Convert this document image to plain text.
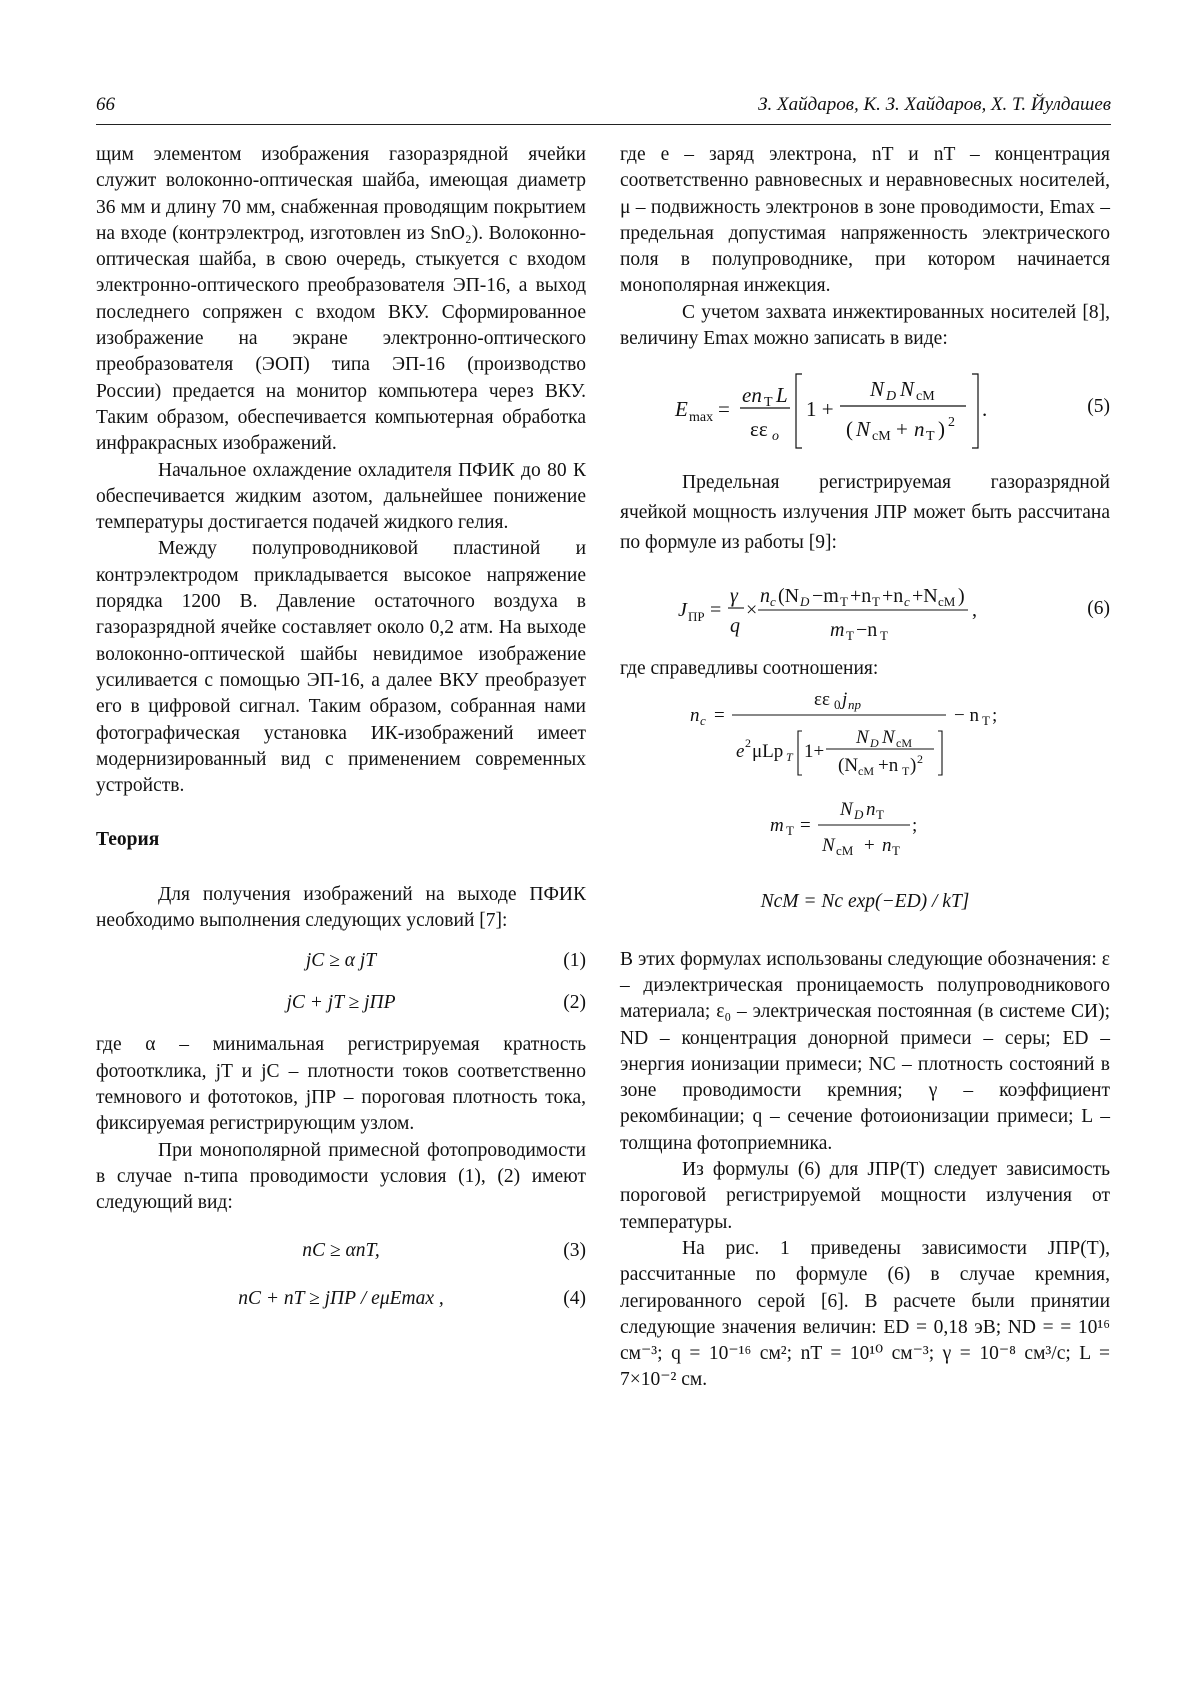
66	З. Хайдаров, К. З. Хайдаров, Х. Т. Йулдашев

щим элементом изображения газоразрядной ячейки служит волоконно-оптическая шайба, имеющая диаметр 36 мм и длину 70 мм, снабженная проводящим покрытием на входе (контрэлектрод, изготовлен из SnO₂). Волоконно-оптическая шайба, в свою очередь, стыкуется с входом электронно-оптического преобразователя ЭП-16, а выход последнего сопряжен с входом ВКУ. Сформированное изображение на экране электронно-оптического преобразователя (ЭОП) типа ЭП-16 (производство России) предается на монитор компьютера через ВКУ. Таким образом, обеспечивается компьютерная обработка инфракрасных изображений.

Начальное охлаждение охладителя ПФИК до 80 К обеспечивается жидким азотом, дальнейшее понижение температуры достигается подачей жидкого гелия.

Между полупроводниковой пластиной и контрэлектродом прикладывается высокое напряжение порядка 1200 В. Давление остаточного воздуха в газоразрядной ячейке составляет около 0,2 атм. На выходе волоконно-оптической шайбы невидимое изображение усиливается с помощью ЭП-16, а далее ВКУ преобразует его в цифровой сигнал. Таким образом, собранная нами фотографическая установка ИК-изображений имеет модернизированный вид с применением современных устройств.

Теория

Для получения изображений на выходе ПФИК необходимо выполнения следующих условий [7]:

jC ≥ α jT	(1)
jC + jT ≥ jПР	(2)

где α – минимальная регистрируемая кратность фотоотклика, jT и jC – плотности токов соответственно темнового и фототоков, jПР – пороговая плотность тока, фиксируемая регистрирующим узлом.

При монополярной примесной фотопроводимости в случае n-типа проводимости условия (1), (2) имеют следующий вид:

nC ≥ αnT,	(3)
nC + nT ≥ jПР / eμEmax ,	(4)

где e – заряд электрона, nT и nT – концентрация соответственно равновесных и неравновесных носителей, μ – подвижность электронов в зоне проводимости, Emax – предельная допустимая напряженность электрического поля в полупроводнике, при котором начинается монополярная инжекция.

С учетом захвата инжектированных носителей [8], величину Emax можно записать в виде:

E max =
en T L
εε o
1 +
N D N cM
( N cM + n T ) 2
.	(5)

Предельная регистрируемая газоразрядной ячейкой мощность излучения JПР может быть рассчитана по формуле из работы [9]:

J ПР =
γ
q
×
n c (N D −m T +n T +n c +N cM )
m T −n T
,	(6)

где справедливы соотношения:

n c =
εε 0 j np
e 2 μLp T 1+
N D N cM
(N cM +n T ) 2
− n T ;
m T =
N D n T
N cM + n T
;
NсМ = Nc exp(−ED) / kT]

В этих формулах использованы следующие обозначения: ε – диэлектрическая проницаемость полупроводникового материала; ε₀ – электрическая постоянная (в системе СИ); ND – концентрация донорной примеси – серы; ED – энергия ионизации примеси; NC – плотность состояний в зоне проводимости кремния; γ – коэффициент рекомбинации; q – сечение фотоионизации примеси; L – толщина фотоприемника.

Из формулы (6) для JПР(T) следует зависимость пороговой регистрируемой мощности излучения от температуры.

На рис. 1 приведены зависимости JПР(T), рассчитанные по формуле (6) в случае кремния, легированного серой [6]. В расчете были принятии следующие значения величин: ED = 0,18 эВ; ND = = 10¹⁶ см⁻³; q = 10⁻¹⁶ см²; nT = 10¹⁰ см⁻³; γ = 10⁻⁸ см³/с; L = 7×10⁻² см.
